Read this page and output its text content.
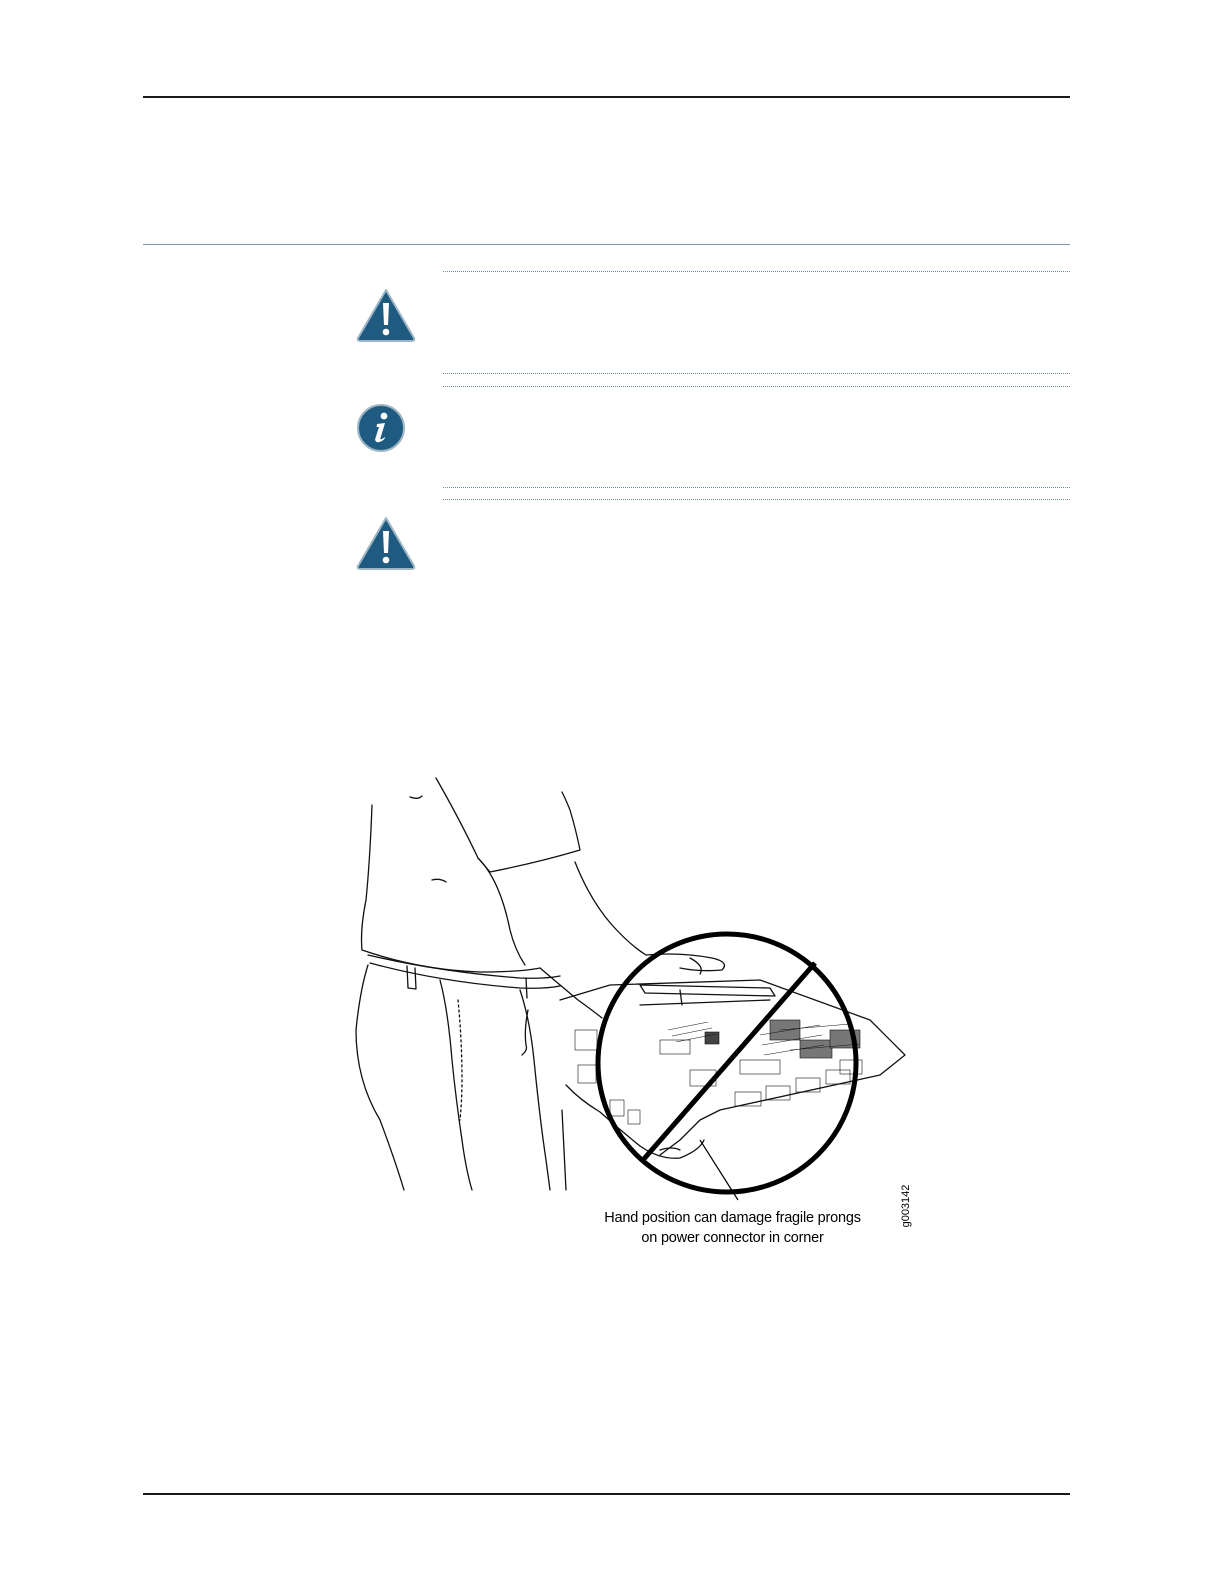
Hand position can damage fragile prongs
on power connector in corner
g003142
